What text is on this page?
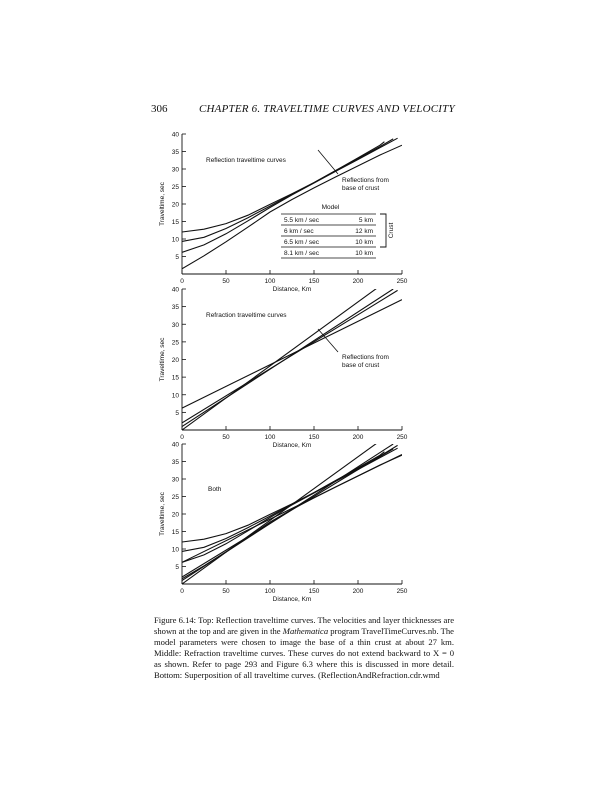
306	CHAPTER 6. TRAVELTIME CURVES AND VELOCITY
5
10
15
20
25
30
35
40
0	50	100	150	200	250
Distance, Km
Traveltime, sec
Reflection traveltime curves
Reflections from
base of crust
Model
5.5 km / sec	5 km
6 km / sec	12 km
6.5 km / sec	10 km
8.1 km / sec	10 km
Crust
5
10
15
20
25
30
35
40
0	50	100	150	200	250
Distance, Km
Traveltime, sec
Refraction traveltime curves
Reflections from
base of crust
5
10
15
20
25
30
35
40
0	50	100	150	200	250
Distance, Km
Traveltime, sec
Both
Figure 6.14: Top: Reflection traveltime curves. The velocities and layer thicknesses are shown at the top and are given in the Mathematica program TravelTimeCurves.nb. The model parameters were chosen to image the base of a thin crust at about 27 km. Middle: Refraction traveltime curves. These curves do not extend backward to X = 0 as shown. Refer to page 293 and Figure 6.3 where this is discussed in more detail. Bottom: Superposition of all traveltime curves. (ReflectionAndRefraction.cdr.wmd
